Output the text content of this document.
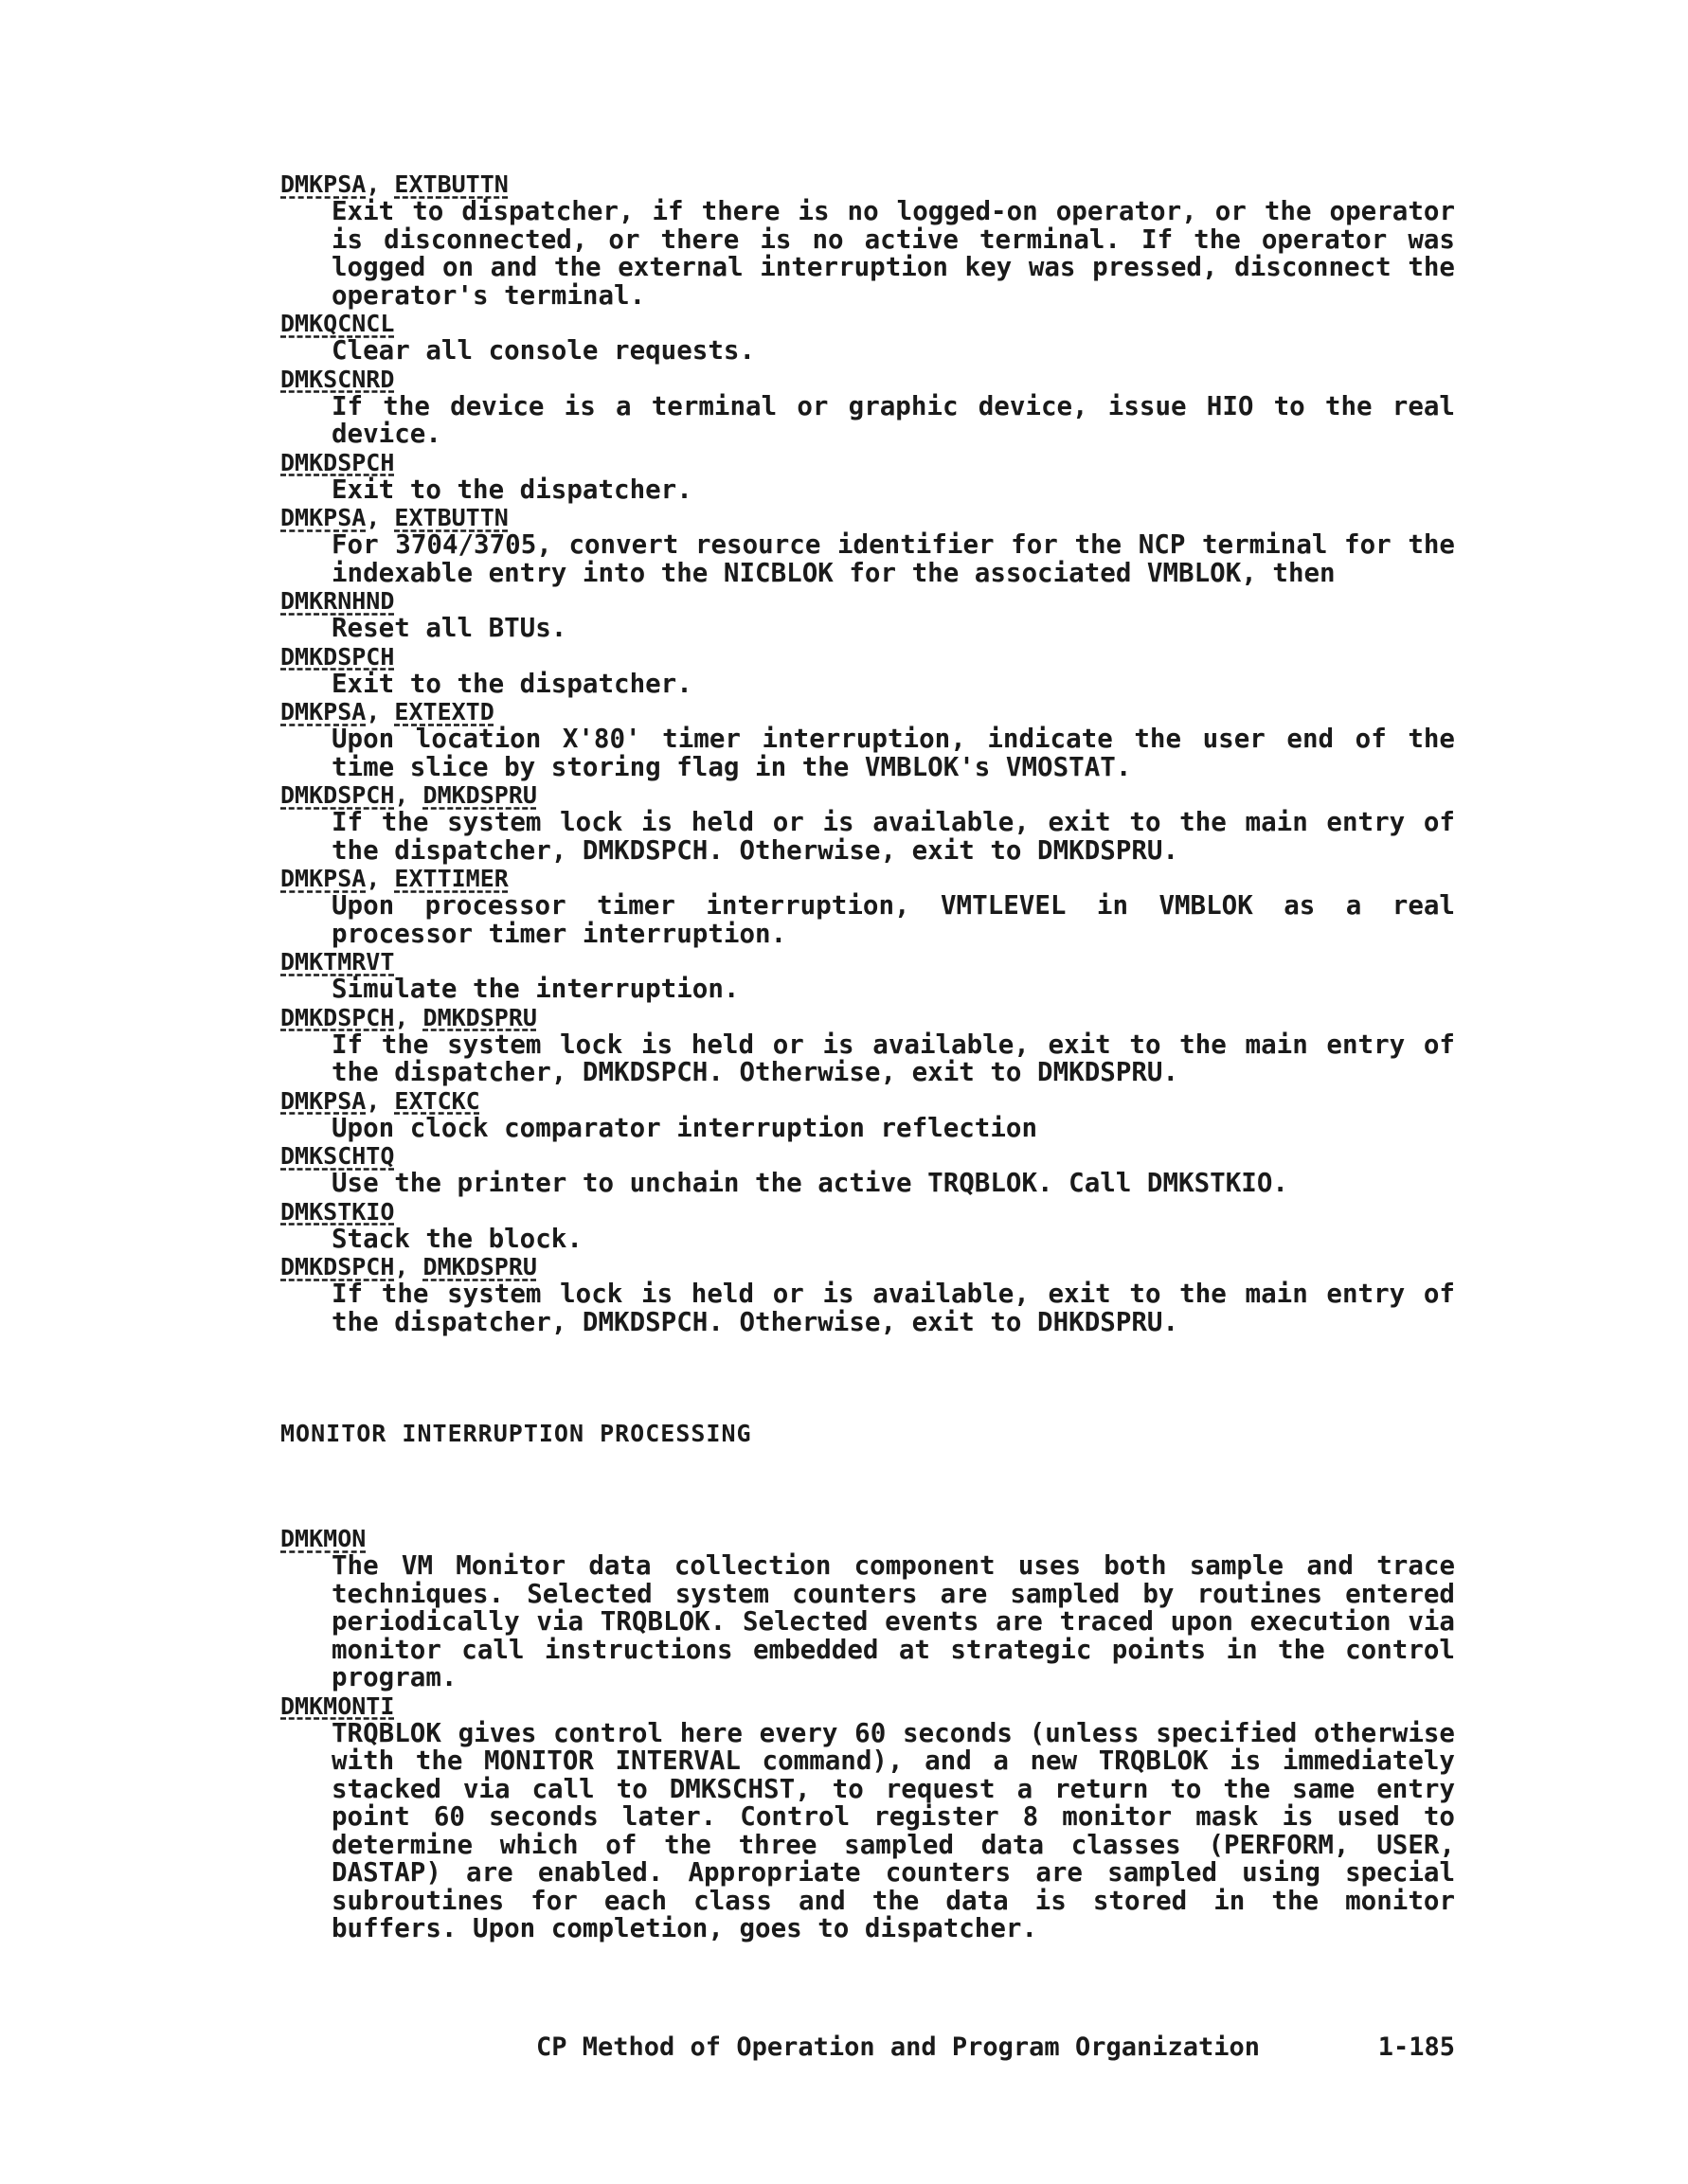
DMKPSA, EXTBUTTN
Exit to dispatcher, if there is no logged-on operator, or the operator is disconnected, or there is no active terminal. If the operator was logged on and the external interruption key was pressed, disconnect the operator's terminal.
DMKQCNCL
Clear all console requests.
DMKSCNRD
If the device is a terminal or graphic device, issue HIO to the real device.
DMKDSPCH
Exit to the dispatcher.
DMKPSA, EXTBUTTN
For 3704/3705, convert resource identifier for the NCP terminal for the indexable entry into the NICBLOK for the associated VMBLOK, then
DMKRNHND
Reset all BTUs.
DMKDSPCH
Exit to the dispatcher.
DMKPSA, EXTEXTD
Upon location X'80' timer interruption, indicate the user end of the time slice by storing flag in the VMBLOK's VMOSTAT.
DMKDSPCH, DMKDSPRU
If the system lock is held or is available, exit to the main entry of the dispatcher, DMKDSPCH. Otherwise, exit to DMKDSPRU.
DMKPSA, EXTTIMER
Upon processor timer interruption, VMTLEVEL in VMBLOK as a real processor timer interruption.
DMKTMRVT
Simulate the interruption.
DMKDSPCH, DMKDSPRU
If the system lock is held or is available, exit to the main entry of the dispatcher, DMKDSPCH. Otherwise, exit to DMKDSPRU.
DMKPSA, EXTCKC
Upon clock comparator interruption reflection
DMKSCHTQ
Use the printer to unchain the active TRQBLOK. Call DMKSTKIO.
DMKSTKIO
Stack the block.
DMKDSPCH, DMKDSPRU
If the system lock is held or is available, exit to the main entry of the dispatcher, DMKDSPCH. Otherwise, exit to DHKDSPRU.
MONITOR INTERRUPTION PROCESSING
DMKMON
The VM Monitor data collection component uses both sample and trace techniques. Selected system counters are sampled by routines entered periodically via TRQBLOK. Selected events are traced upon execution via monitor call instructions embedded at strategic points in the control program.
DMKMONTI
TRQBLOK gives control here every 60 seconds (unless specified otherwise with the MONITOR INTERVAL command), and a new TRQBLOK is immediately stacked via call to DMKSCHST, to request a return to the same entry point 60 seconds later. Control register 8 monitor mask is used to determine which of the three sampled data classes (PERFORM, USER, DASTAP) are enabled. Appropriate counters are sampled using special subroutines for each class and the data is stored in the monitor buffers. Upon completion, goes to dispatcher.
CP Method of Operation and Program Organization	1-185
